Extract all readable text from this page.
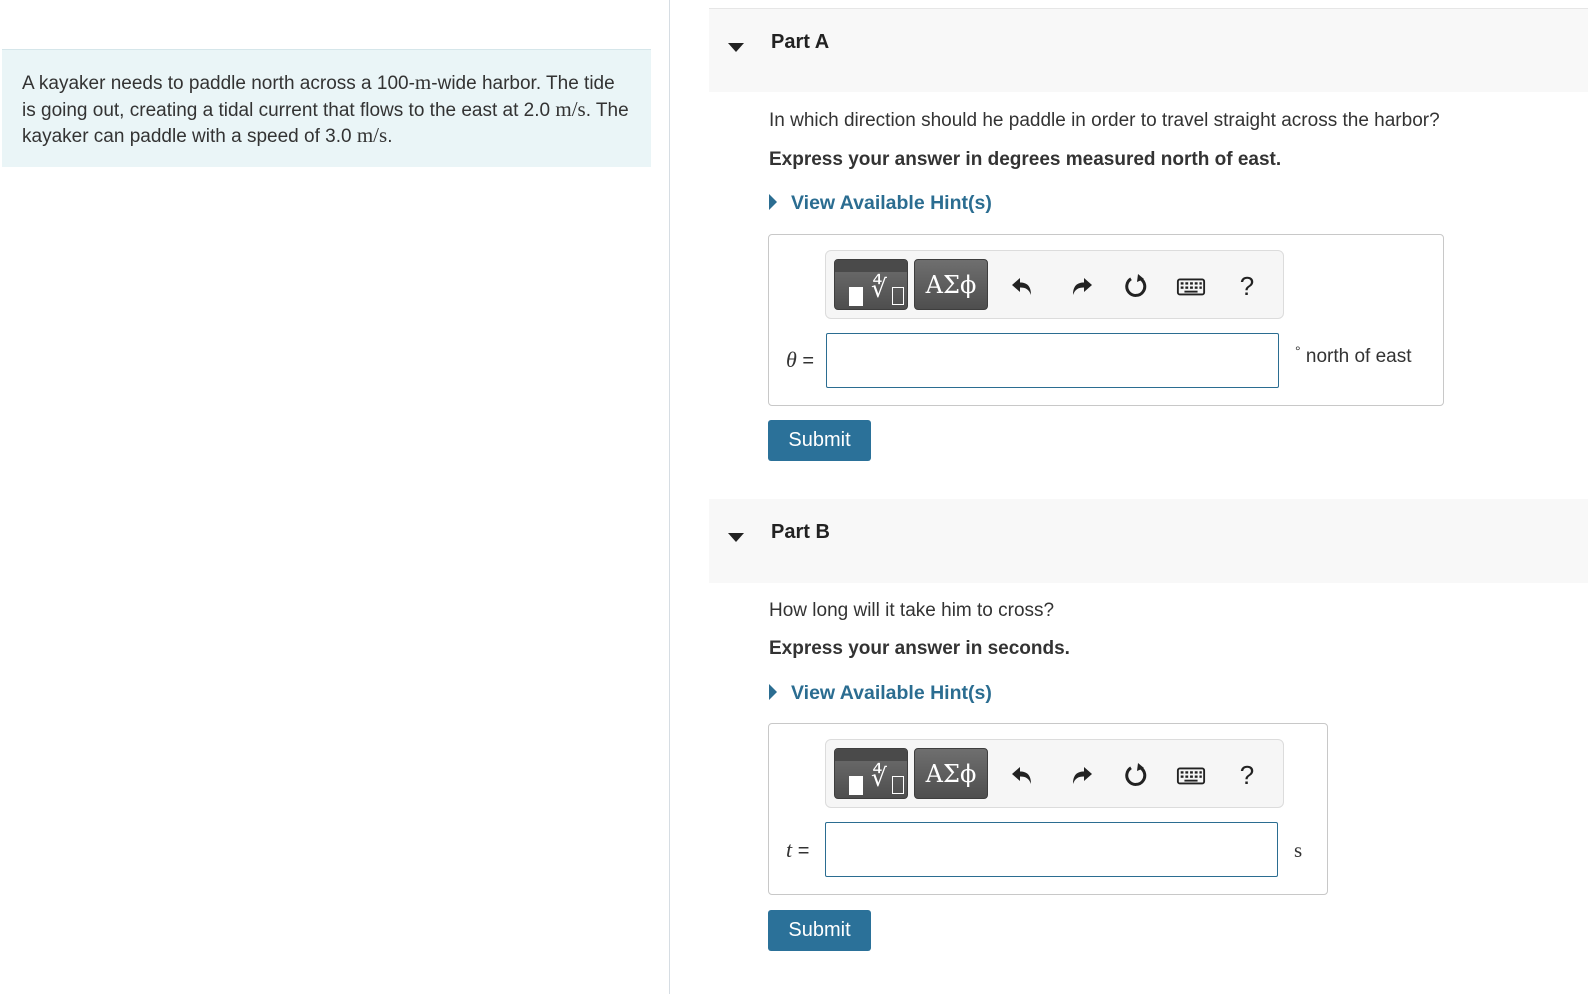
A kayaker needs to paddle north across a 100-m-wide harbor. The tide is going out, creating a tidal current that flows to the east at 2.0 m/s. The kayaker can paddle with a speed of 3.0 m/s.
Part A
In which direction should he paddle in order to travel straight across the harbor?
Express your answer in degrees measured north of east.
View Available Hint(s)
∜	ΑΣϕ	?
θ =	° north of east
Submit
Part B
How long will it take him to cross?
Express your answer in seconds.
View Available Hint(s)
∜	ΑΣϕ	?
t =	s
Submit
